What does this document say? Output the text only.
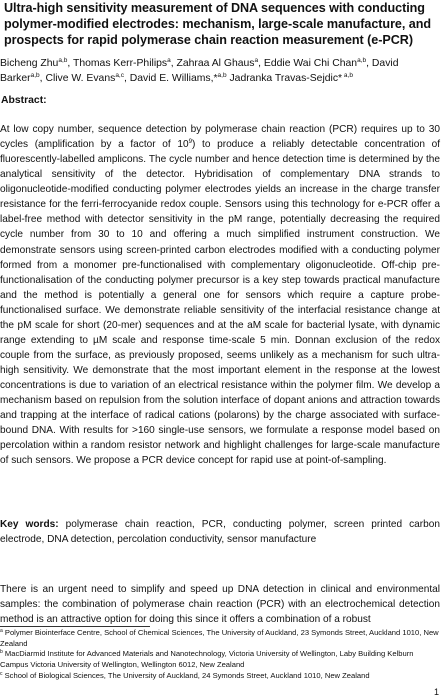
Ultra-high sensitivity measurement of DNA sequences with conducting polymer-modified electrodes: mechanism, large-scale manufacture, and prospects for rapid polymerase chain reaction measurement (e-PCR)

Bicheng Zhu$^{a,b}$, Thomas Kerr-Philips$^a$, Zahraa Al Ghaus$^a$, Eddie Wai Chi Chan$^{a,b}$, David Barker$^{a,b}$, Clive W. Evans$^{a,c}$, David E. Williams,*$^{a,b}$ Jadranka Travas-Sejdic* $^{a,b}$

Abstract:

At low copy number, sequence detection by polymerase chain reaction (PCR) requires up to 30 cycles (amplification by a factor of $10^9$) to produce a reliably detectable concentration of fluorescently-labelled amplicons. The cycle number and hence detection time is determined by the analytical sensitivity of the detector. Hybridisation of complementary DNA strands to oligonucleotide-modified conducting polymer electrodes yields an increase in the charge transfer resistance for the ferri-ferrocyanide redox couple. Sensors using this technology for e-PCR offer a label-free method with detector sensitivity in the pM range, potentially decreasing the required cycle number from 30 to 10 and offering a much simplified instrument construction. We demonstrate sensors using screen-printed carbon electrodes modified with a conducting polymer formed from a monomer pre-functionalised with complementary oligonucleotide. Off-chip pre-functionalisation of the conducting polymer precursor is a key step towards practical manufacture and the method is potentially a general one for sensors which require a capture probe-functionalised surface. We demonstrate reliable sensitivity of the interfacial resistance change at the pM scale for short (20-mer) sequences and at the aM scale for bacterial lysate, with dynamic range extending to µM scale and response time-scale 5 min. Donnan exclusion of the redox couple from the surface, as previously proposed, seems unlikely as a mechanism for such ultra-high sensitivity. We demonstrate that the most important element in the response at the lowest concentrations is due to variation of an electrical resistance within the polymer film. We develop a mechanism based on repulsion from the solution interface of dopant anions and attraction towards and trapping at the interface of radical cations (polarons) by the charge associated with surface-bound DNA. With results for >160 single-use sensors, we formulate a response model based on percolation within a random resistor network and highlight challenges for large-scale manufacture of such sensors. We propose a PCR device concept for rapid use at point-of-sampling.

Key words: polymerase chain reaction, PCR, conducting polymer, screen printed carbon electrode, DNA detection, percolation conductivity, sensor manufacture

There is an urgent need to simplify and speed up DNA detection in clinical and environmental samples: the combination of polymerase chain reaction (PCR) with an electrochemical detection method is an attractive option for doing this since it offers a combination of a robust

$^a$ Polymer Biointerface Centre, School of Chemical Sciences, The University of Auckland, 23 Symonds Street, Auckland 1010, New Zealand

$^b$ MacDiarmid Institute for Advanced Materials and Nanotechnology, Victoria University of Wellington, Laby Building Kelburn Campus Victoria University of Wellington, Wellington 6012, New Zealand

$^c$ School of Biological Sciences, The University of Auckland, 24 Symonds Street, Auckland 1010, New Zealand

1
